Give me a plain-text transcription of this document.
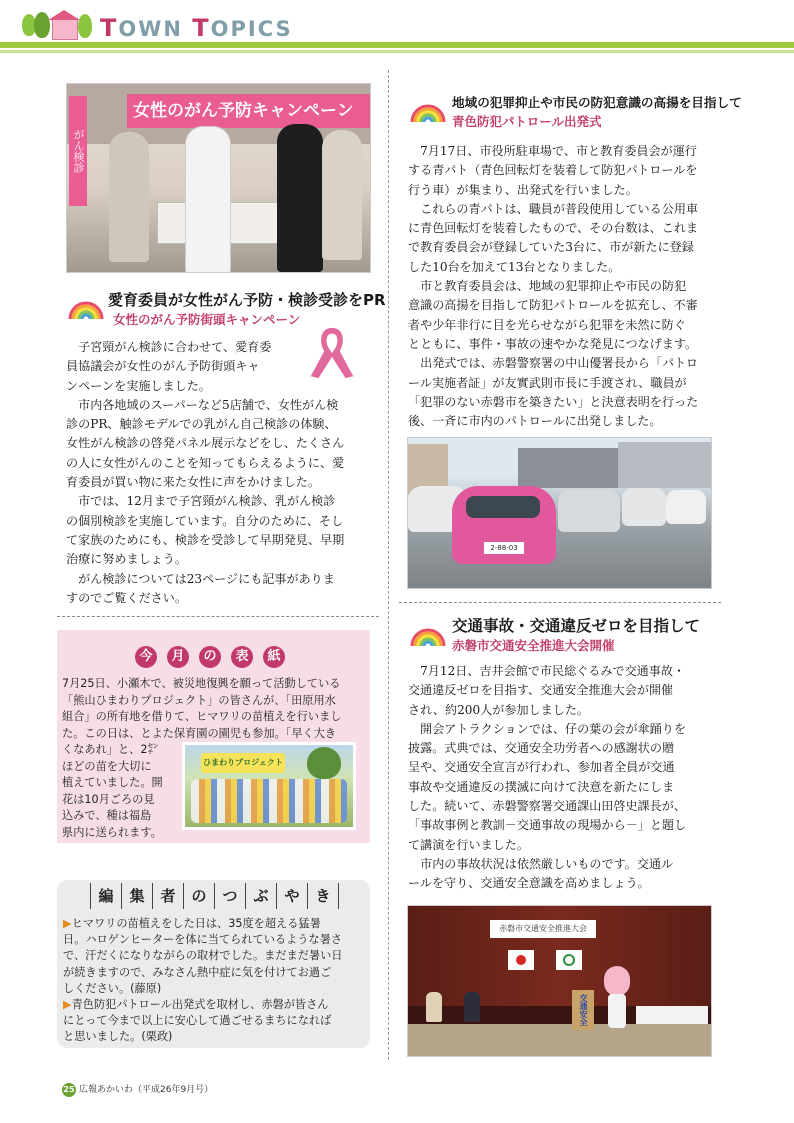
TOWN TOPICS
女性のがん予防キャンペーン
がん検診
愛育委員が女性がん予防・検診受診をPR
女性のがん予防街頭キャンペーン

子宮頸がん検診に合わせて、愛育委

員協議会が女性のがん予防街頭キャ

ンペーンを実施しました。

市内各地域のスーパーなど5店舗で、女性がん検

診のPR、触診モデルでの乳がん自己検診の体験、

女性がん検診の啓発パネル展示などをし、たくさん

の人に女性がんのことを知ってもらえるように、愛

育委員が買い物に来た女性に声をかけました。

市では、12月まで子宮頸がん検診、乳がん検診

の個別検診を実施しています。自分のために、そし

て家族のためにも、検診を受診して早期発見、早期

治療に努めましょう。

がん検診については23ページにも記事がありま

すのでご覧ください。

今 月 の 表 紙
7月25日、小瀬木で、被災地復興を願って活動している
「熊山ひまわりプロジェクト」の皆さんが、「田原用水
組合」の所有地を借りて、ヒマワリの苗植えを行いまし
た。この日は、とよた保育園の園児も参加。「早く大き
くなあれ」と、2㌢
ほどの苗を大切に
植えていました。開
花は10月ごろの見
込みで、種は福島
県内に送られます。
ひまわりプロジェクト
編 集 者 の つ ぶ や き
▶ヒマワリの苗植えをした日は、35度を超える猛暑
日。ハロゲンヒーターを体に当てられているような暑さ
で、汗だくになりながらの取材でした。まだまだ暑い日
が続きますので、みなさん熱中症に気を付けてお過ご
しください。(藤原)
▶青色防犯パトロール出発式を取材し、赤磐が皆さん
にとって今まで以上に安心して過ごせるまちになれば
と思いました。(栗政)
地域の犯罪抑止や市民の防犯意識の高揚を目指して
青色防犯パトロール出発式

7月17日、市役所駐車場で、市と教育委員会が運行

する青パト（青色回転灯を装着して防犯パトロールを

行う車）が集まり、出発式を行いました。

これらの青パトは、職員が普段使用している公用車

に青色回転灯を装着したもので、その台数は、これま

で教育委員会が登録していた3台に、市が新たに登録

した10台を加えて13台となりました。

市と教育委員会は、地域の犯罪抑止や市民の防犯

意識の高揚を目指して防犯パトロールを拡充し、不審

者や少年非行に目を光らせながら犯罪を未然に防ぐ

とともに、事件・事故の速やかな発見につなげます。

出発式では、赤磐警察署の中山優署長から「パトロ

ール実施者証」が友實武則市長に手渡され、職員が

「犯罪のない赤磐市を築きたい」と決意表明を行った

後、一斉に市内のパトロールに出発しました。

2-88-03
交通事故・交通違反ゼロを目指して
赤磐市交通安全推進大会開催

7月12日、吉井会館で市民総ぐるみで交通事故・

交通違反ゼロを目指す、交通安全推進大会が開催

され、約200人が参加しました。

開会アトラクションでは、仔の葉の会が傘踊りを

披露。式典では、交通安全功労者への感謝状の贈

呈や、交通安全宣言が行われ、参加者全員が交通

事故や交通違反の撲滅に向けて決意を新たにしま

した。続いて、赤磐警察署交通課山田啓史課長が、

「事故事例と教訓－交通事故の現場から－」と題し

て講演を行いました。

市内の事故状況は依然厳しいものです。交通ル

ールを守り、交通安全意識を高めましょう。

赤磐市交通安全推進大会
交通安全
25 広報あかいわ（平成26年9月号）
